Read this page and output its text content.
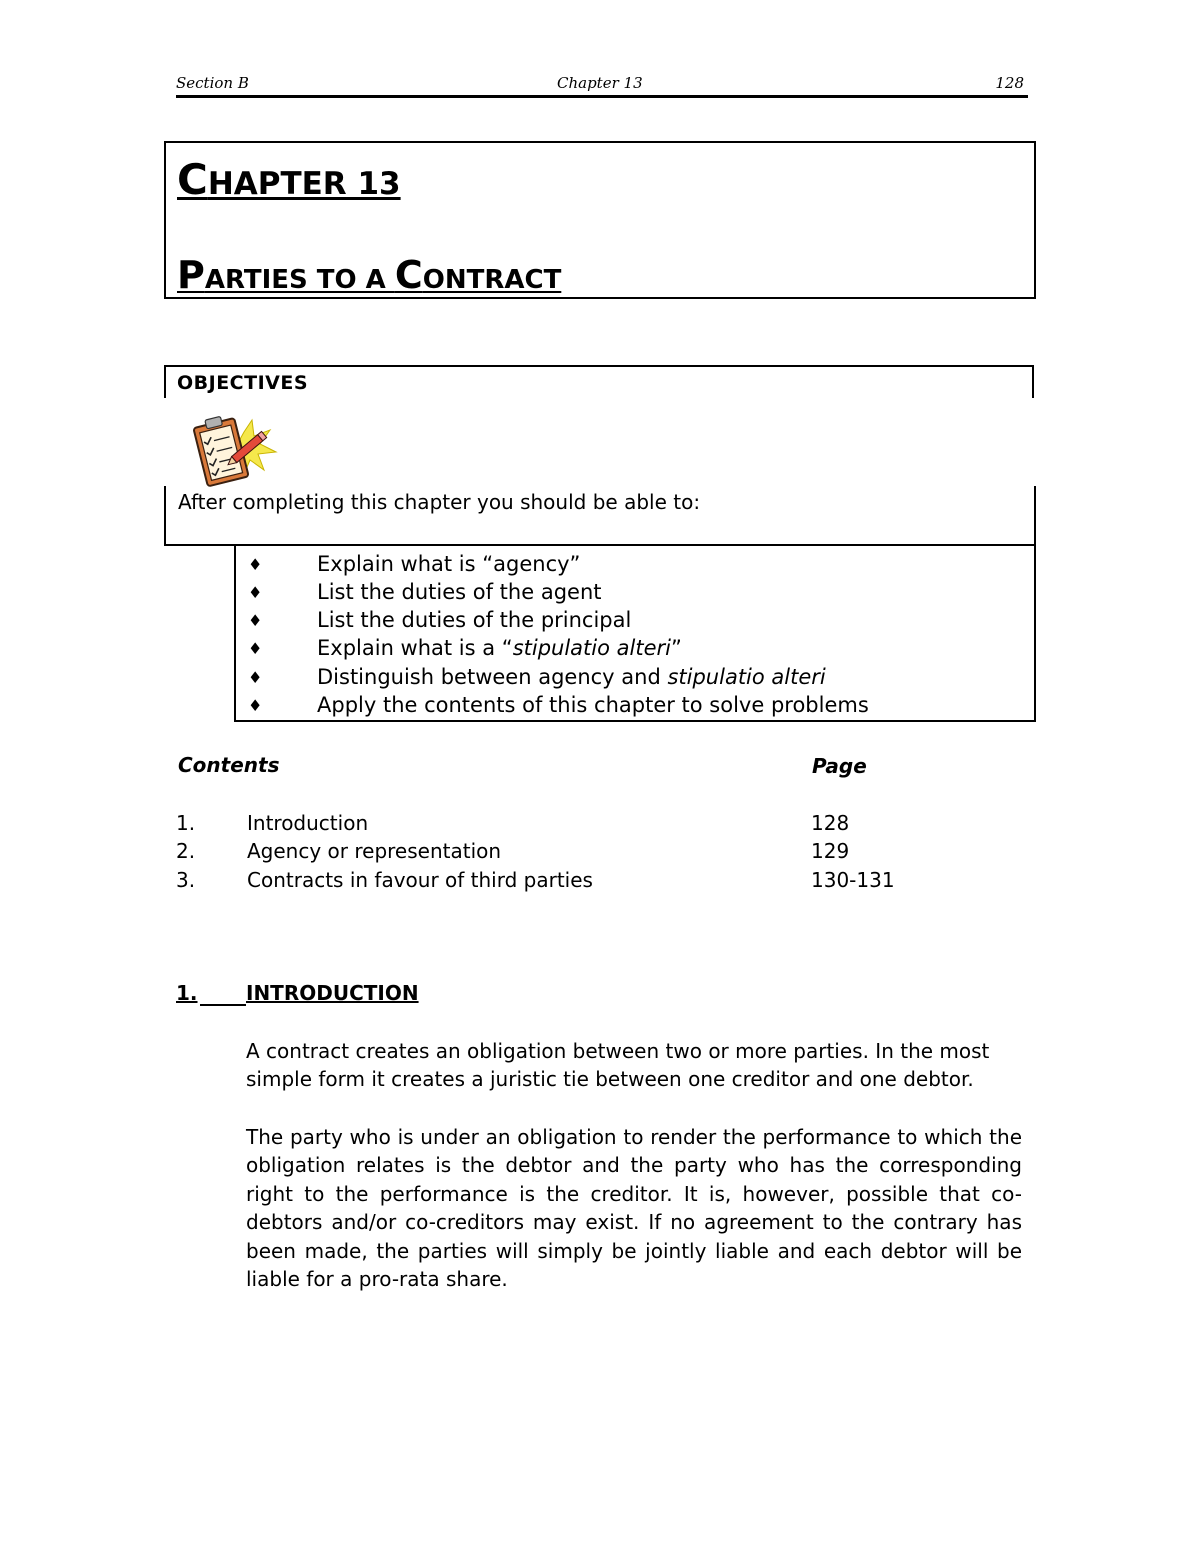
Section B	Chapter 13	128
CHAPTER 13
PARTIES TO A CONTRACT
OBJECTIVES
After completing this chapter you should be able to:
♦	Explain what is “agency”
♦	List the duties of the agent
♦	List the duties of the principal
♦	Explain what is a “stipulatio alteri”
♦	Distinguish between agency and stipulatio alteri
♦	Apply the contents of this chapter to solve problems
Contents	Page
1.	Introduction	128
2.	Agency or representation	129
3.	Contracts in favour of third parties	130-131
1. INTRODUCTION

A contract creates an obligation between two or more parties. In the most simple form it creates a juristic tie between one creditor and one debtor.

The party who is under an obligation to render the performance to which the obligation relates is the debtor and the party who has the corresponding right to the performance is the creditor. It is, however, possible that co-debtors and/or co-creditors may exist. If no agreement to the contrary has been made, the parties will simply be jointly liable and each debtor will be liable for a pro-rata share.
